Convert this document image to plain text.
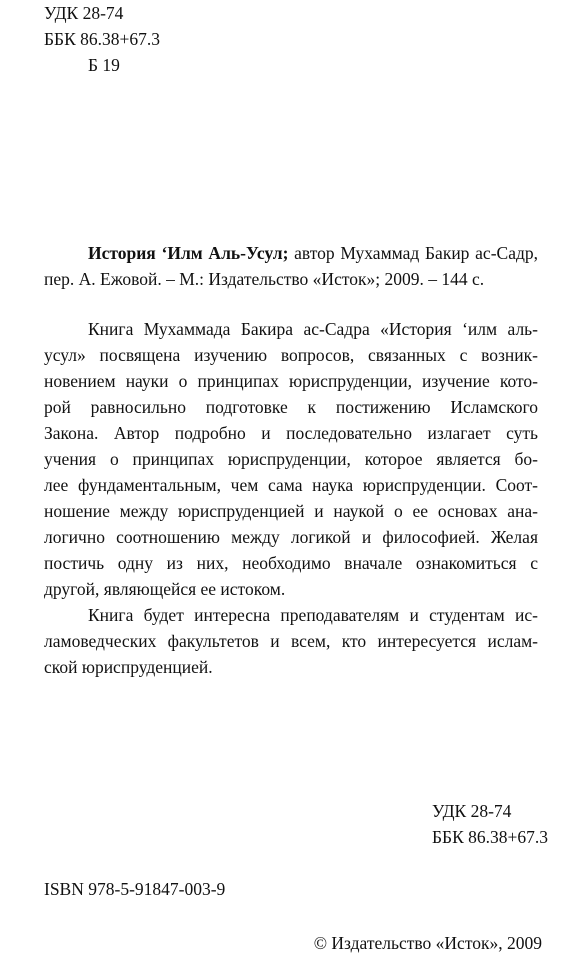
УДК 28-74
ББК 86.38+67.3
Б 19
История ‘Илм Аль-Усул; автор Мухаммад Бакир ас-Садр,
пер. А. Ежовой. – М.: Издательство «Исток»; 2009. – 144 с.
Книга Мухаммада Бакира ас-Садра «История ‘илм аль-
усул» посвящена изучению вопросов, связанных с возник-
новением науки о принципах юриспруденции, изучение кото-
рой равносильно подготовке к постижению Исламского
Закона. Автор подробно и последовательно излагает суть
учения о принципах юриспруденции, которое является бо-
лее фундаментальным, чем сама наука юриспруденции. Соот-
ношение между юриспруденцией и наукой о ее основах ана-
логично соотношению между логикой и философией. Желая
постичь одну из них, необходимо вначале ознакомиться с
другой, являющейся ее истоком.
Книга будет интересна преподавателям и студентам ис-
ламоведческих факультетов и всем, кто интересуется ислам-
ской юриспруденцией.
УДК 28-74
ББК 86.38+67.3
ISBN 978-5-91847-003-9
© Издательство «Исток», 2009
